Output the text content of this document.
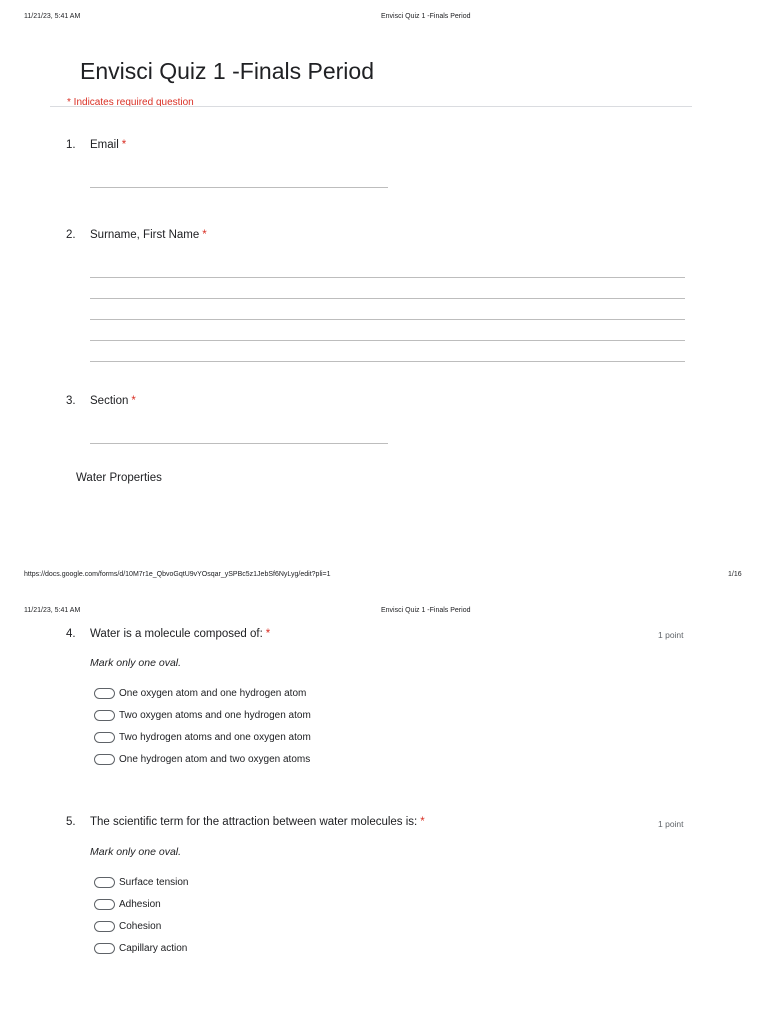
11/21/23, 5:41 AM	Envisci Quiz 1 -Finals Period
Envisci Quiz 1 -Finals Period
* Indicates required question
1. Email *
2. Surname, First Name *
3. Section *
Water Properties
https://docs.google.com/forms/d/10M7r1e_QbvoGqtU9vYOsqar_ySPBc5z1JebSf6NyLyg/edit?pli=1	1/16
11/21/23, 5:41 AM	Envisci Quiz 1 -Finals Period
4. Water is a molecule composed of: *	1 point
Mark only one oval.
One oxygen atom and one hydrogen atom
Two oxygen atoms and one hydrogen atom
Two hydrogen atoms and one oxygen atom
One hydrogen atom and two oxygen atoms
5. The scientific term for the attraction between water molecules is: *	1 point
Mark only one oval.
Surface tension
Adhesion
Cohesion
Capillary action
